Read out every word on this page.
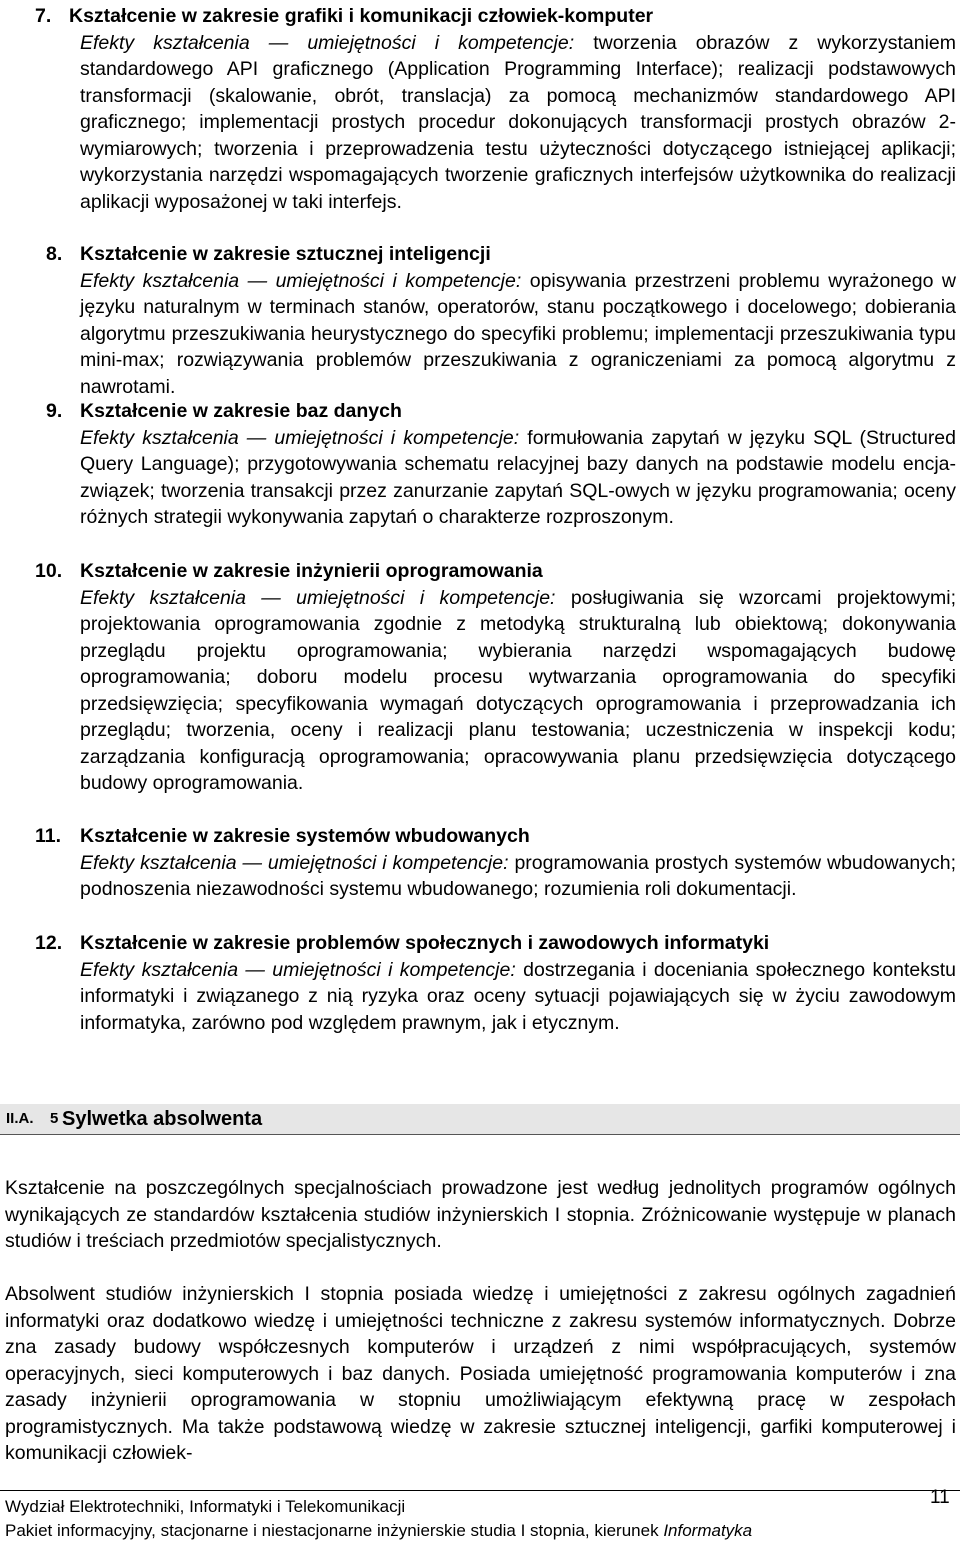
7. Kształcenie w zakresie grafiki i komunikacji człowiek-komputer
Efekty kształcenia — umiejętności i kompetencje: tworzenia obrazów z wykorzystaniem standardowego API graficznego (Application Programming Interface); realizacji podstawowych transformacji (skalowanie, obrót, translacja) za pomocą mechanizmów standardowego API graficznego; implementacji prostych procedur dokonujących transformacji prostych obrazów 2-wymiarowych; tworzenia i przeprowadzenia testu użyteczności dotyczącego istniejącej aplikacji; wykorzystania narzędzi wspomagających tworzenie graficznych interfejsów użytkownika do realizacji aplikacji wyposażonej w taki interfejs.
8. Kształcenie w zakresie sztucznej inteligencji
Efekty kształcenia — umiejętności i kompetencje: opisywania przestrzeni problemu wyrażonego w języku naturalnym w terminach stanów, operatorów, stanu początkowego i docelowego; dobierania algorytmu przeszukiwania heurystycznego do specyfiki problemu; implementacji przeszukiwania typu mini-max; rozwiązywania problemów przeszukiwania z ograniczeniami za pomocą algorytmu z nawrotami.
9. Kształcenie w zakresie baz danych
Efekty kształcenia — umiejętności i kompetencje: formułowania zapytań w języku SQL (Structured Query Language); przygotowywania schematu relacyjnej bazy danych na podstawie modelu encja-związek; tworzenia transakcji przez zanurzanie zapytań SQL-owych w języku programowania; oceny różnych strategii wykonywania zapytań o charakterze rozproszonym.
10. Kształcenie w zakresie inżynierii oprogramowania
Efekty kształcenia — umiejętności i kompetencje: posługiwania się wzorcami projektowymi; projektowania oprogramowania zgodnie z metodyką strukturalną lub obiektową; dokonywania przeglądu projektu oprogramowania; wybierania narzędzi wspomagających budowę oprogramowania; doboru modelu procesu wytwarzania oprogramowania do specyfiki przedsięwzięcia; specyfikowania wymagań dotyczących oprogramowania i przeprowadzania ich przeglądu; tworzenia, oceny i realizacji planu testowania; uczestniczenia w inspekcji kodu; zarządzania konfiguracją oprogramowania; opracowywania planu przedsięwzięcia dotyczącego budowy oprogramowania.
11. Kształcenie w zakresie systemów wbudowanych
Efekty kształcenia — umiejętności i kompetencje: programowania prostych systemów wbudowanych; podnoszenia niezawodności systemu wbudowanego; rozumienia roli dokumentacji.
12. Kształcenie w zakresie problemów społecznych i zawodowych informatyki
Efekty kształcenia — umiejętności i kompetencje: dostrzegania i doceniania społecznego kontekstu informatyki i związanego z nią ryzyka oraz oceny sytuacji pojawiających się w życiu zawodowym informatyka, zarówno pod względem prawnym, jak i etycznym.
II.A. 5 Sylwetka absolwenta
Kształcenie na poszczególnych specjalnościach prowadzone jest według jednolitych programów ogólnych wynikających ze standardów kształcenia studiów inżynierskich I stopnia. Zróżnicowanie występuje w planach studiów i treściach przedmiotów specjalistycznych.
Absolwent studiów inżynierskich I stopnia posiada wiedzę i umiejętności z zakresu ogólnych zagadnień informatyki oraz dodatkowo wiedzę i umiejętności techniczne z zakresu systemów informatycznych. Dobrze zna zasady budowy współczesnych komputerów i urządzeń z nimi współpracujących, systemów operacyjnych, sieci komputerowych i baz danych. Posiada umiejętność programowania komputerów i zna zasady inżynierii oprogramowania w stopniu umożliwiającym efektywną pracę w zespołach programistycznych. Ma także podstawową wiedzę w zakresie sztucznej inteligencji, garfiki komputerowej i komunikacji człowiek-
Wydział Elektrotechniki, Informatyki i Telekomunikacji
Pakiet informacyjny, stacjonarne i niestacjonarne inżynierskie studia I stopnia, kierunek Informatyka
11
